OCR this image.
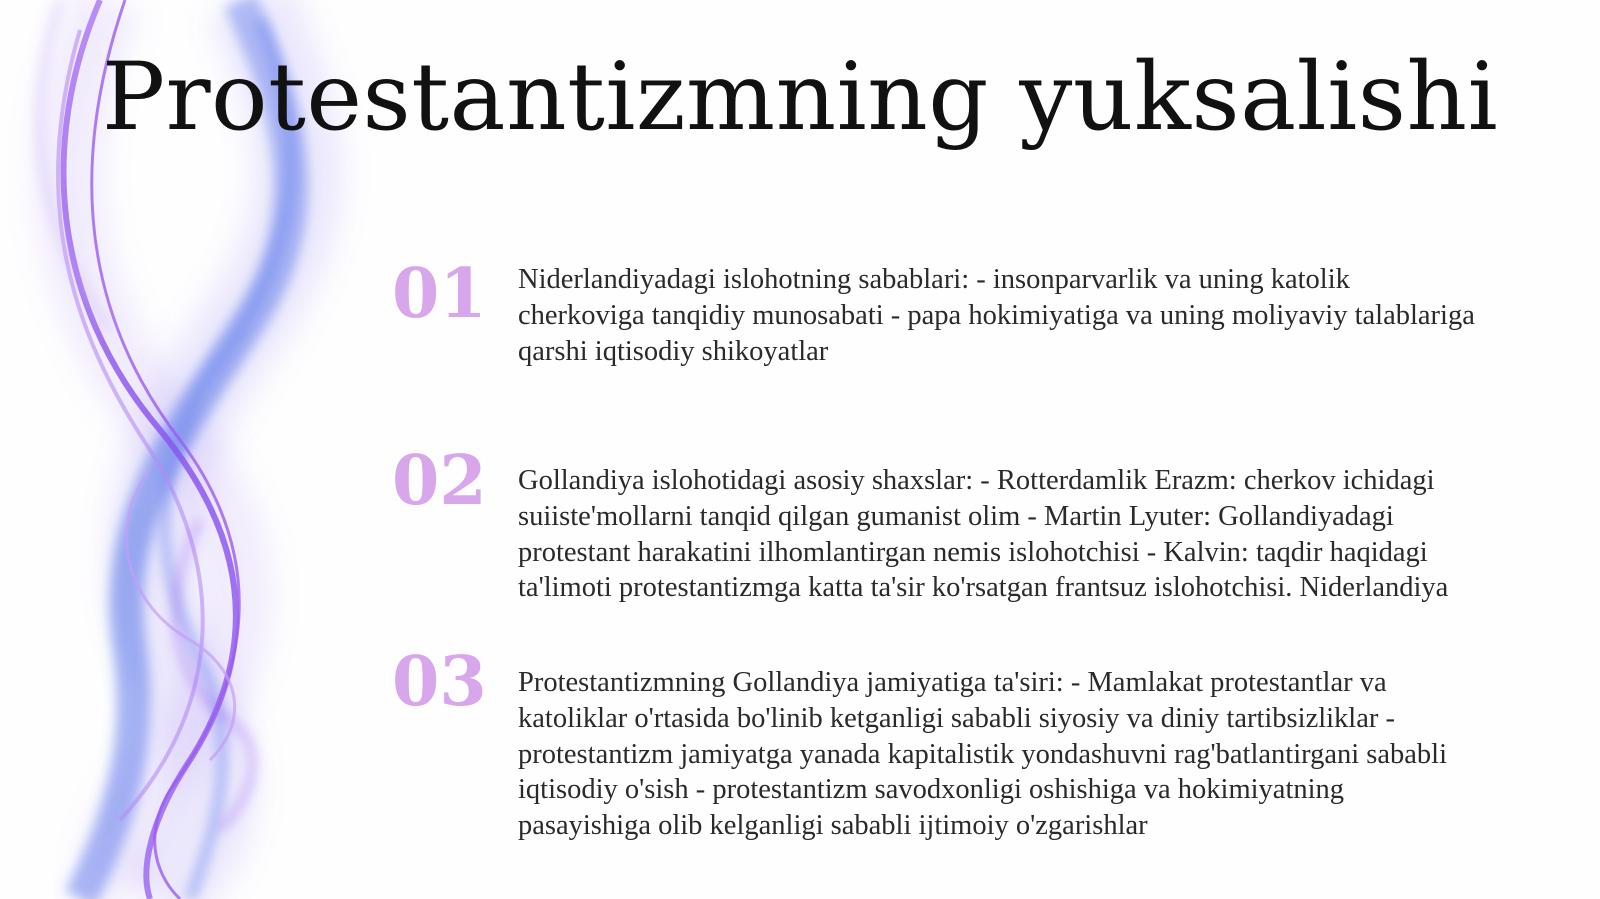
Protestantizmning yuksalishi
01	Niderlandiyadagi islohotning sabablari: - insonparvarlik va uning katolik cherkoviga tanqidiy munosabati - papa hokimiyatiga va uning moliyaviy talablariga qarshi iqtisodiy shikoyatlar

02	Gollandiya islohotidagi asosiy shaxslar: - Rotterdamlik Erazm: cherkov ichidagi suiiste'mollarni tanqid qilgan gumanist olim - Martin Lyuter: Gollandiyadagi protestant harakatini ilhomlantirgan nemis islohotchisi - Kalvin: taqdir haqidagi ta'limoti protestantizmga katta ta'sir ko'rsatgan frantsuz islohotchisi. Niderlandiya

03	Protestantizmning Gollandiya jamiyatiga ta'siri: - Mamlakat protestantlar va katoliklar o'rtasida bo'linib ketganligi sababli siyosiy va diniy tartibsizliklar - protestantizm jamiyatga yanada kapitalistik yondashuvni rag'batlantirgani sababli iqtisodiy o'sish - protestantizm savodxonligi oshishiga va hokimiyatning pasayishiga olib kelganligi sababli ijtimoiy o'zgarishlar
